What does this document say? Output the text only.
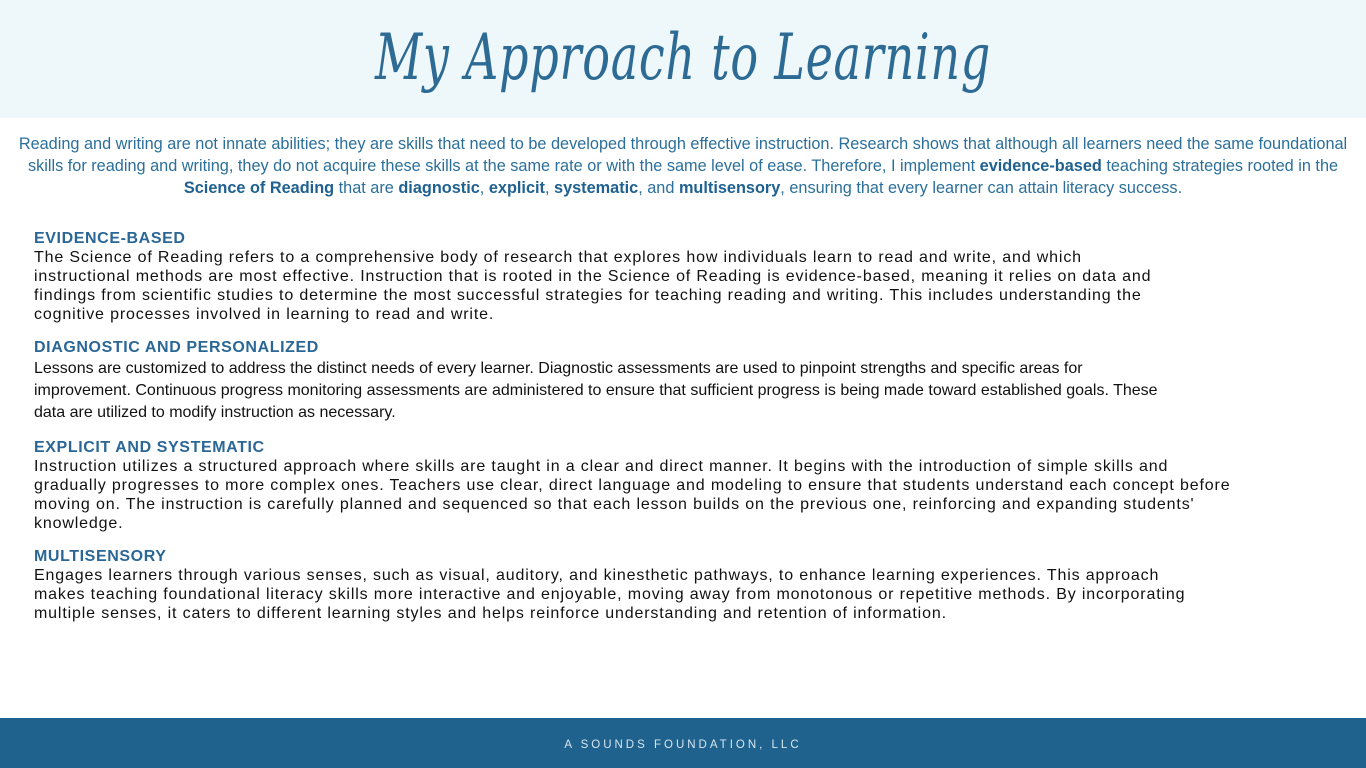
My Approach to Learning

Reading and writing are not innate abilities; they are skills that need to be developed through effective instruction. Research shows that although all learners need the same foundational skills for reading and writing, they do not acquire these skills at the same rate or with the same level of ease. Therefore, I implement evidence-based teaching strategies rooted in the Science of Reading that are diagnostic, explicit, systematic, and multisensory, ensuring that every learner can attain literacy success.

EVIDENCE-BASED

The Science of Reading refers to a comprehensive body of research that explores how individuals learn to read and write, and which
instructional methods are most effective. Instruction that is rooted in the Science of Reading is evidence-based, meaning it relies on data and
findings from scientific studies to determine the most successful strategies for teaching reading and writing. This includes understanding the
cognitive processes involved in learning to read and write.

DIAGNOSTIC AND PERSONALIZED

Lessons are customized to address the distinct needs of every learner. Diagnostic assessments are used to pinpoint strengths and specific areas for
improvement. Continuous progress monitoring assessments are administered to ensure that sufficient progress is being made toward established goals. These
data are utilized to modify instruction as necessary.

EXPLICIT AND SYSTEMATIC

Instruction utilizes a structured approach where skills are taught in a clear and direct manner. It begins with the introduction of simple skills and
gradually progresses to more complex ones. Teachers use clear, direct language and modeling to ensure that students understand each concept before
moving on. The instruction is carefully planned and sequenced so that each lesson builds on the previous one, reinforcing and expanding students'
knowledge.

MULTISENSORY

Engages learners through various senses, such as visual, auditory, and kinesthetic pathways, to enhance learning experiences. This approach
makes teaching foundational literacy skills more interactive and enjoyable, moving away from monotonous or repetitive methods. By incorporating
multiple senses, it caters to different learning styles and helps reinforce understanding and retention of information.

A SOUNDS FOUNDATION, LLC
